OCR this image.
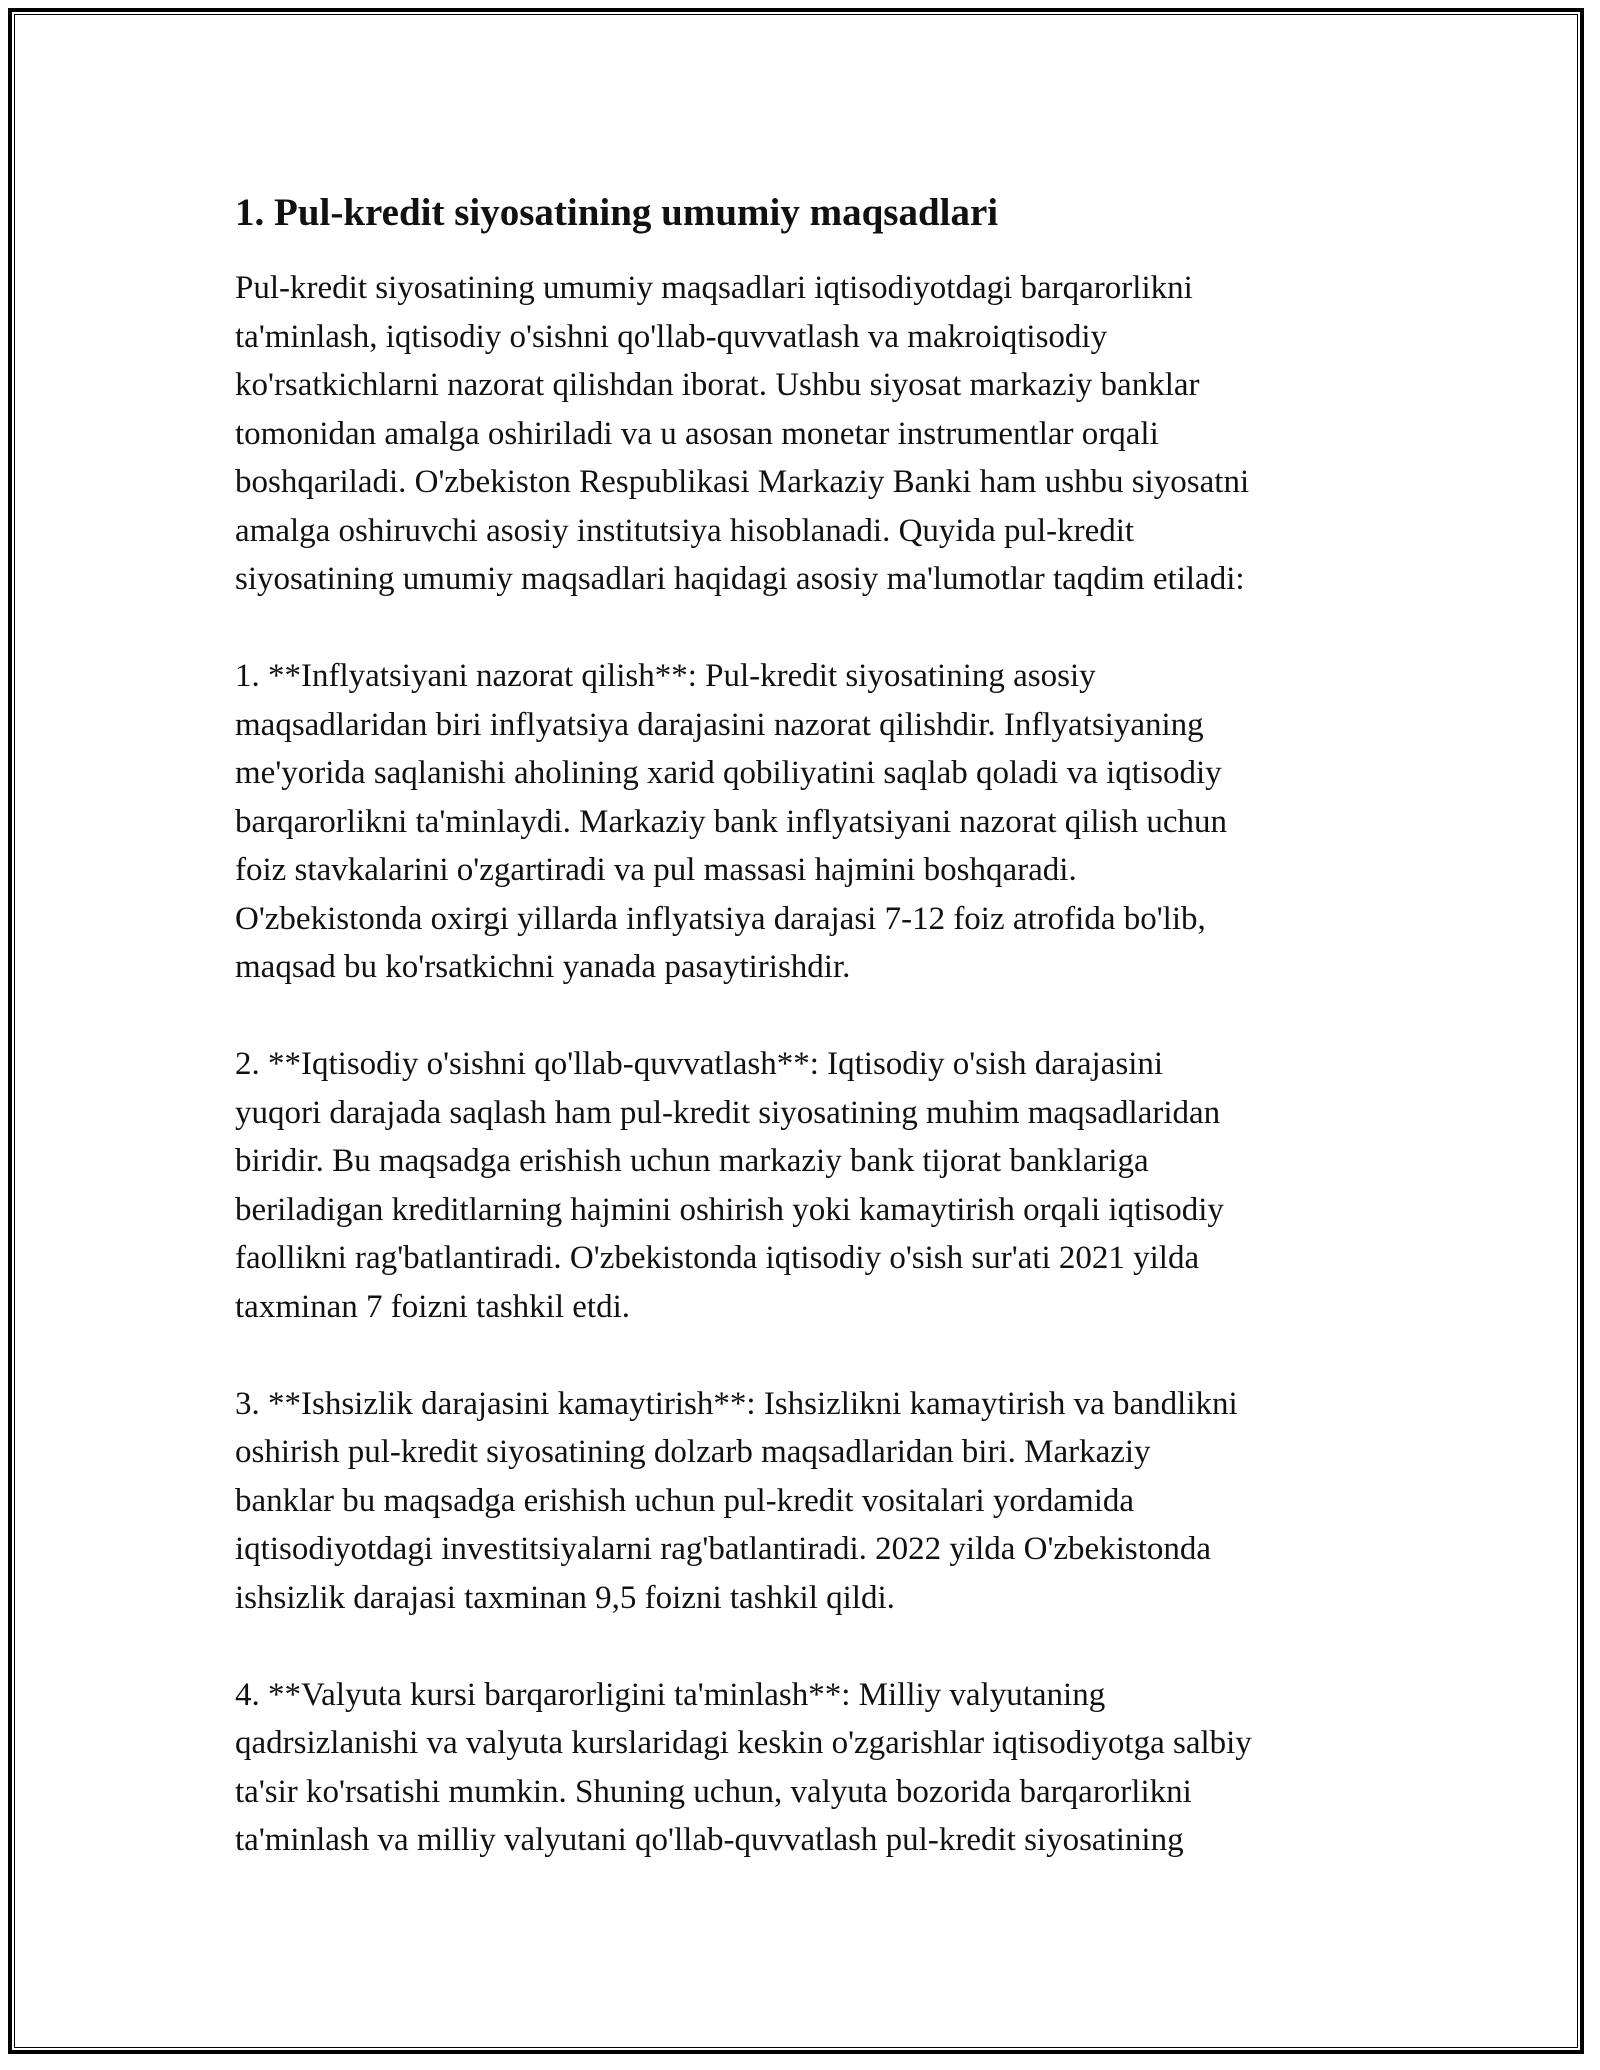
1. Pul-kredit siyosatining umumiy maqsadlari

Pul-kredit siyosatining umumiy maqsadlari iqtisodiyotdagi barqarorlikni
ta'minlash, iqtisodiy o'sishni qo'llab-quvvatlash va makroiqtisodiy
ko'rsatkichlarni nazorat qilishdan iborat. Ushbu siyosat markaziy banklar
tomonidan amalga oshiriladi va u asosan monetar instrumentlar orqali
boshqariladi. O'zbekiston Respublikasi Markaziy Banki ham ushbu siyosatni
amalga oshiruvchi asosiy institutsiya hisoblanadi. Quyida pul-kredit
siyosatining umumiy maqsadlari haqidagi asosiy ma'lumotlar taqdim etiladi:

1. **Inflyatsiyani nazorat qilish**: Pul-kredit siyosatining asosiy
maqsadlaridan biri inflyatsiya darajasini nazorat qilishdir. Inflyatsiyaning
me'yorida saqlanishi aholining xarid qobiliyatini saqlab qoladi va iqtisodiy
barqarorlikni ta'minlaydi. Markaziy bank inflyatsiyani nazorat qilish uchun
foiz stavkalarini o'zgartiradi va pul massasi hajmini boshqaradi.
O'zbekistonda oxirgi yillarda inflyatsiya darajasi 7-12 foiz atrofida bo'lib,
maqsad bu ko'rsatkichni yanada pasaytirishdir.

2. **Iqtisodiy o'sishni qo'llab-quvvatlash**: Iqtisodiy o'sish darajasini
yuqori darajada saqlash ham pul-kredit siyosatining muhim maqsadlaridan
biridir. Bu maqsadga erishish uchun markaziy bank tijorat banklariga
beriladigan kreditlarning hajmini oshirish yoki kamaytirish orqali iqtisodiy
faollikni rag'batlantiradi. O'zbekistonda iqtisodiy o'sish sur'ati 2021 yilda
taxminan 7 foizni tashkil etdi.

3. **Ishsizlik darajasini kamaytirish**: Ishsizlikni kamaytirish va bandlikni
oshirish pul-kredit siyosatining dolzarb maqsadlaridan biri. Markaziy
banklar bu maqsadga erishish uchun pul-kredit vositalari yordamida
iqtisodiyotdagi investitsiyalarni rag'batlantiradi. 2022 yilda O'zbekistonda
ishsizlik darajasi taxminan 9,5 foizni tashkil qildi.

4. **Valyuta kursi barqarorligini ta'minlash**: Milliy valyutaning
qadrsizlanishi va valyuta kurslaridagi keskin o'zgarishlar iqtisodiyotga salbiy
ta'sir ko'rsatishi mumkin. Shuning uchun, valyuta bozorida barqarorlikni
ta'minlash va milliy valyutani qo'llab-quvvatlash pul-kredit siyosatining
